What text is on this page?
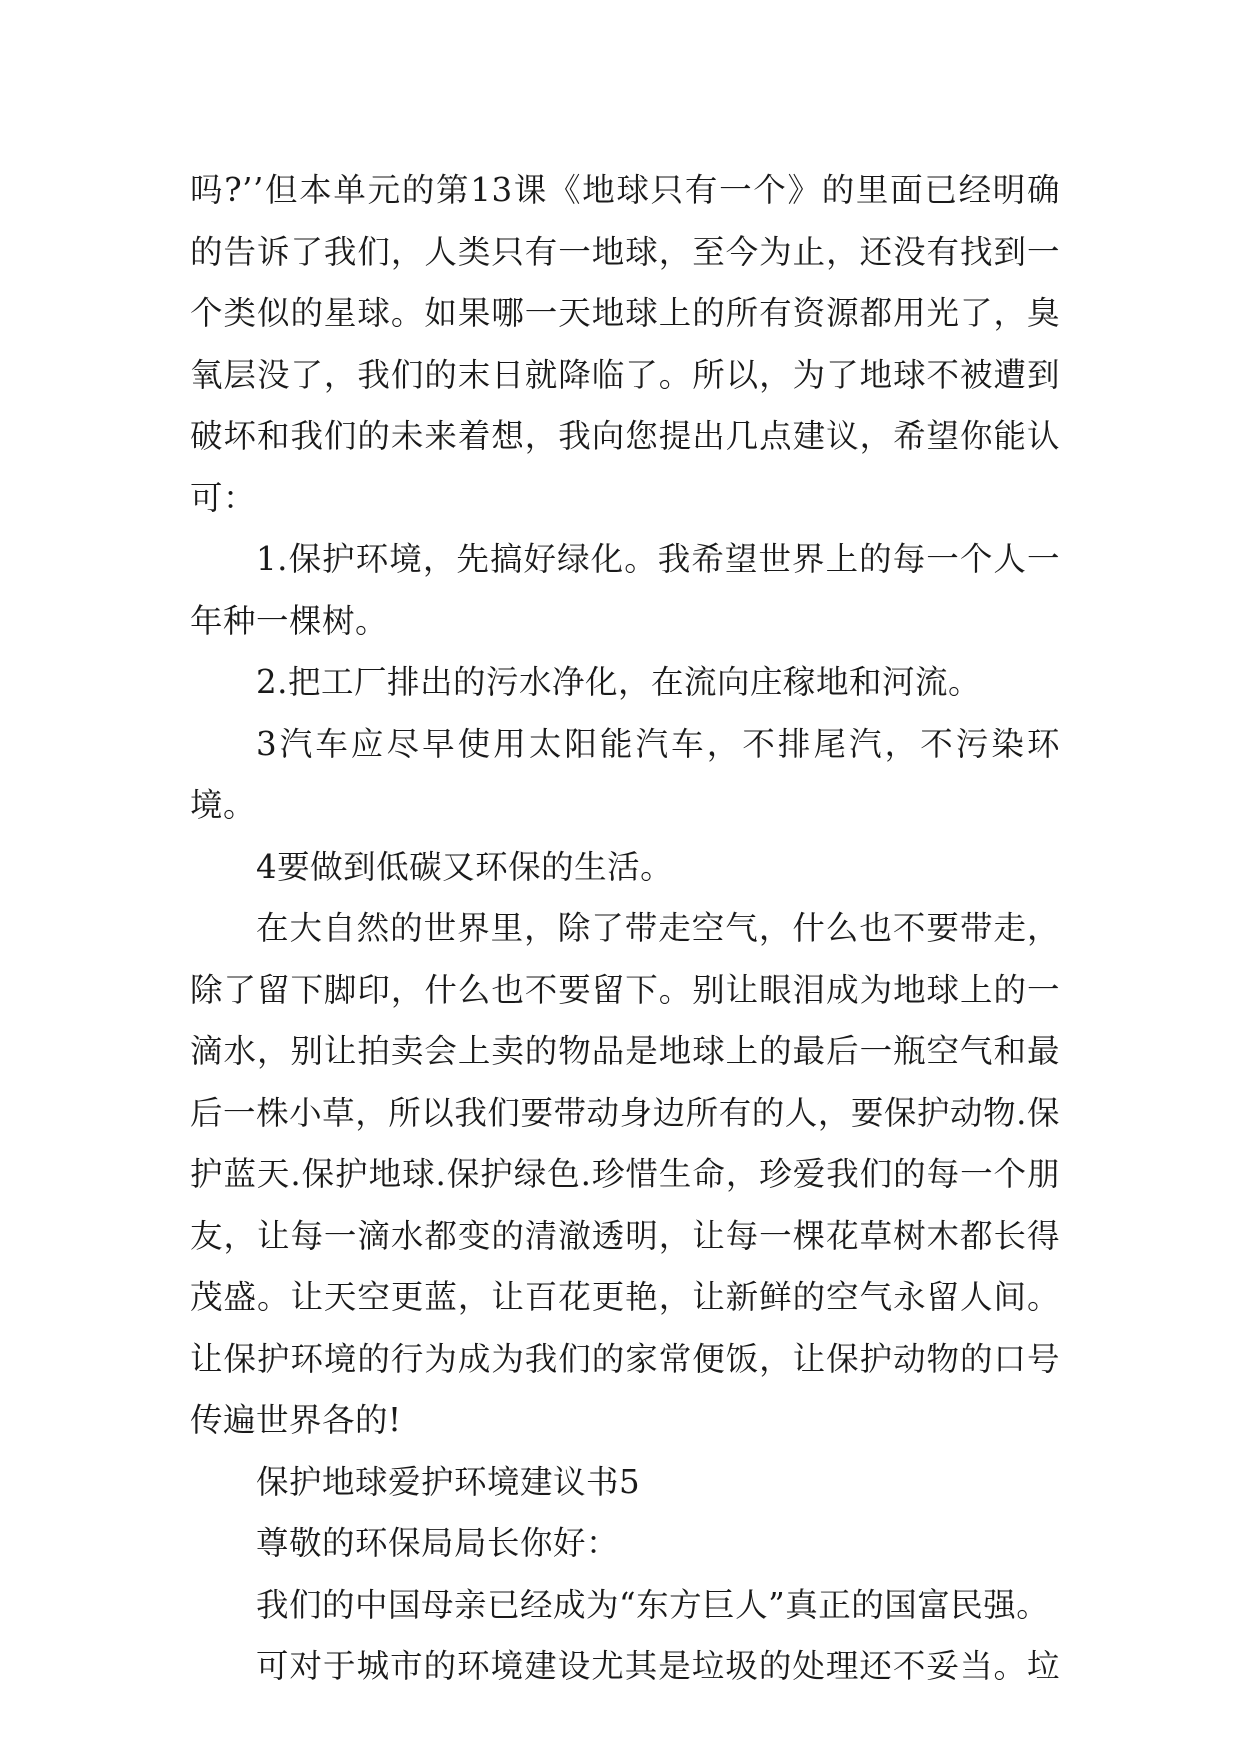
吗?’’但本单元的第13课《地球只有一个》的里面已经明确的告诉了我们，人类只有一地球，至今为止，还没有找到一个类似的星球。如果哪一天地球上的所有资源都用光了，臭氧层没了，我们的末日就降临了。所以，为了地球不被遭到破坏和我们的未来着想，我向您提出几点建议，希望你能认可：

1.保护环境，先搞好绿化。我希望世界上的每一个人一年种一棵树。

2.把工厂排出的污水净化，在流向庄稼地和河流。

3汽车应尽早使用太阳能汽车，不排尾汽，不污染环境。

4要做到低碳又环保的生活。

在大自然的世界里，除了带走空气，什么也不要带走，除了留下脚印，什么也不要留下。别让眼泪成为地球上的一滴水，别让拍卖会上卖的物品是地球上的最后一瓶空气和最后一株小草，所以我们要带动身边所有的人，要保护动物.保护蓝天.保护地球.保护绿色.珍惜生命，珍爱我们的每一个朋友，让每一滴水都变的清澈透明，让每一棵花草树木都长得茂盛。让天空更蓝，让百花更艳，让新鲜的空气永留人间。让保护环境的行为成为我们的家常便饭，让保护动物的口号传遍世界各的!

保护地球爱护环境建议书5

尊敬的环保局局长你好：

我们的中国母亲已经成为“东方巨人”真正的国富民强。

可对于城市的环境建设尤其是垃圾的处理还不妥当。垃
